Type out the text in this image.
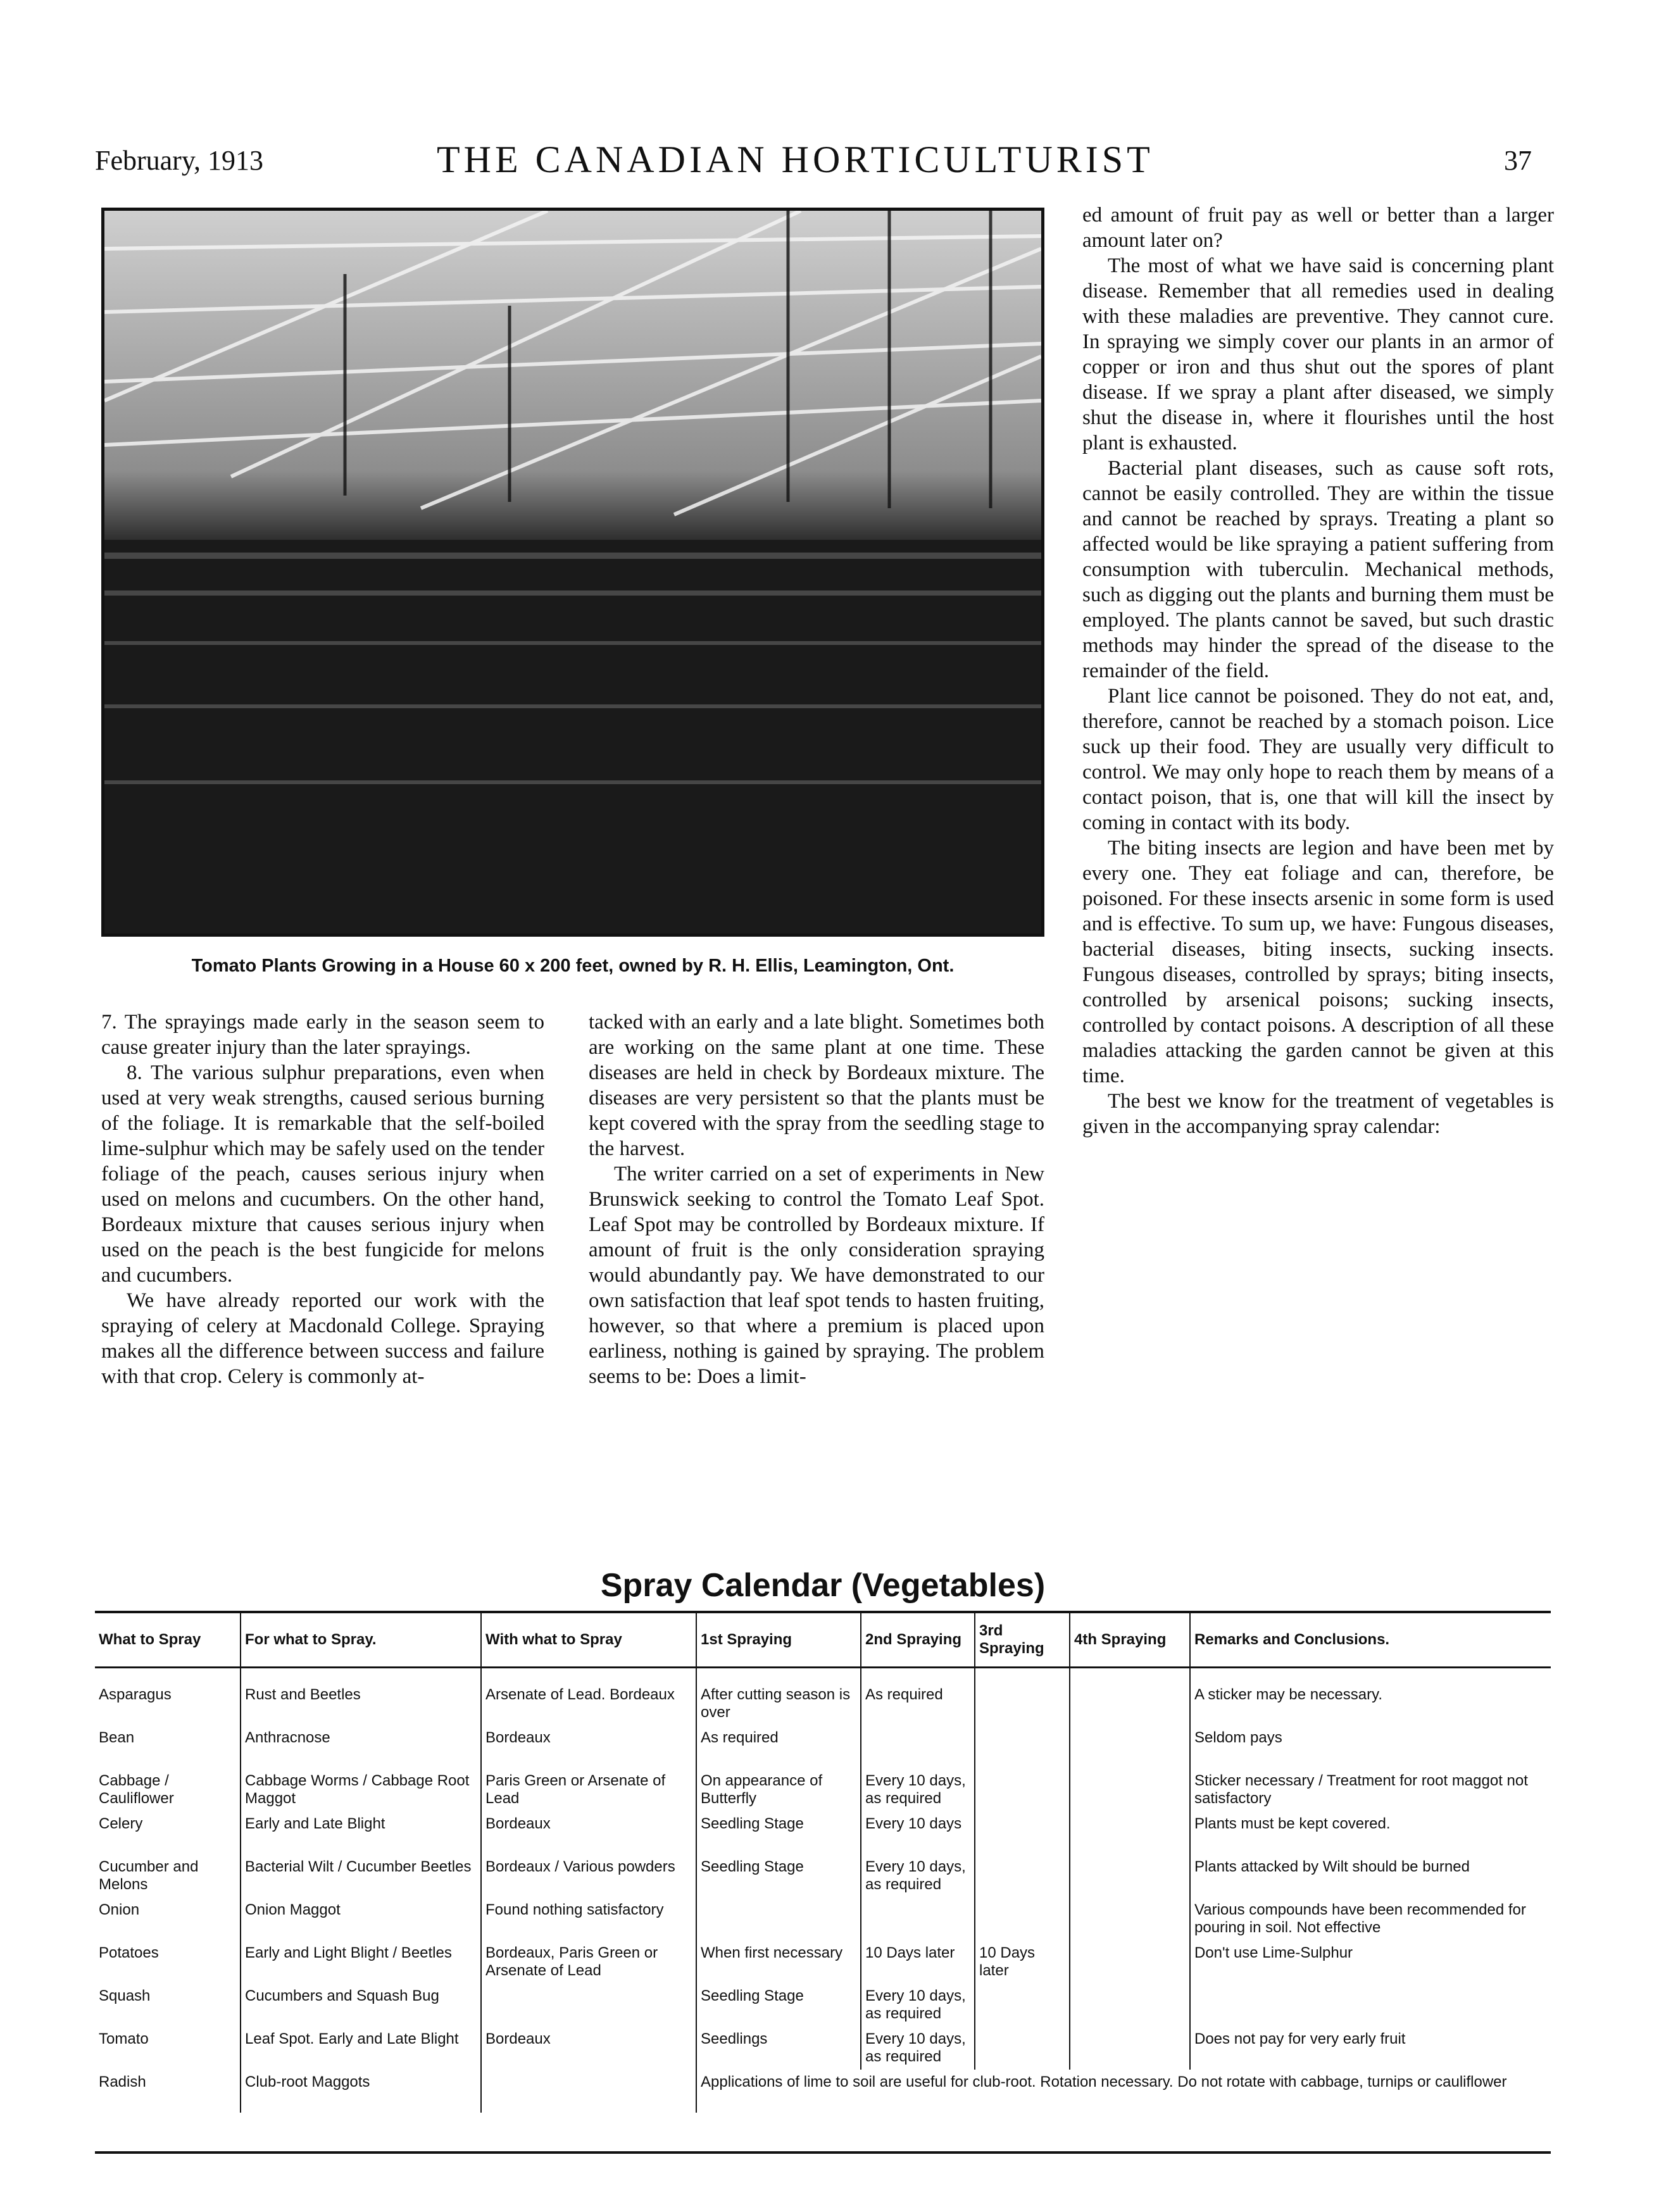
February, 1913	THE CANADIAN HORTICULTURIST	37
Tomato Plants Growing in a House 60 x 200 feet, owned by R. H. Ellis, Leamington, Ont.

7. The sprayings made early in the season seem to cause greater injury than the later sprayings.

8. The various sulphur preparations, even when used at very weak strengths, caused serious burning of the foliage. It is remarkable that the self-boiled lime-sulphur which may be safely used on the tender foliage of the peach, causes serious injury when used on melons and cucumbers. On the other hand, Bordeaux mixture that causes serious injury when used on the peach is the best fungicide for melons and cucumbers.

We have already reported our work with the spraying of celery at Macdonald College. Spraying makes all the difference between success and failure with that crop. Celery is commonly at-

tacked with an early and a late blight. Sometimes both are working on the same plant at one time. These diseases are held in check by Bordeaux mixture. The diseases are very persistent so that the plants must be kept covered with the spray from the seedling stage to the harvest.

The writer carried on a set of experiments in New Brunswick seeking to control the Tomato Leaf Spot. Leaf Spot may be controlled by Bordeaux mixture. If amount of fruit is the only consideration spraying would abundantly pay. We have demonstrated to our own satisfaction that leaf spot tends to hasten fruiting, however, so that where a premium is placed upon earliness, nothing is gained by spraying. The problem seems to be: Does a limit-

ed amount of fruit pay as well or better than a larger amount later on?

The most of what we have said is concerning plant disease. Remember that all remedies used in dealing with these maladies are preventive. They cannot cure. In spraying we simply cover our plants in an armor of copper or iron and thus shut out the spores of plant disease. If we spray a plant after diseased, we simply shut the disease in, where it flourishes until the host plant is exhausted.

Bacterial plant diseases, such as cause soft rots, cannot be easily controlled. They are within the tissue and cannot be reached by sprays. Treating a plant so affected would be like spraying a patient suffering from consumption with tuberculin. Mechanical methods, such as digging out the plants and burning them must be employed. The plants cannot be saved, but such drastic methods may hinder the spread of the disease to the remainder of the field.

Plant lice cannot be poisoned. They do not eat, and, therefore, cannot be reached by a stomach poison. Lice suck up their food. They are usually very difficult to control. We may only hope to reach them by means of a contact poison, that is, one that will kill the insect by coming in contact with its body.

The biting insects are legion and have been met by every one. They eat foliage and can, therefore, be poisoned. For these insects arsenic in some form is used and is effective. To sum up, we have: Fungous diseases, bacterial diseases, biting insects, sucking insects. Fungous diseases, controlled by sprays; biting insects, controlled by arsenical poisons; sucking insects, controlled by contact poisons. A description of all these maladies attacking the garden cannot be given at this time.

The best we know for the treatment of vegetables is given in the accompanying spray calendar:

Spray Calendar (Vegetables)
What to Spray	For what to Spray.	With what to Spray	1st Spraying	2nd Spraying	3rd Spraying	4th Spraying	Remarks and Conclusions.
Asparagus	Rust and Beetles	Arsenate of Lead. Bordeaux	After cutting season is over	As required			A sticker may be necessary.
Bean	Anthracnose	Bordeaux	As required				Seldom pays
Cabbage / Cauliflower	Cabbage Worms / Cabbage Root Maggot	Paris Green or Arsenate of Lead	On appearance of Butterfly	Every 10 days, as required			Sticker necessary / Treatment for root maggot not satisfactory
Celery	Early and Late Blight	Bordeaux	Seedling Stage	Every 10 days			Plants must be kept covered.
Cucumber and Melons	Bacterial Wilt / Cucumber Beetles	Bordeaux / Various powders	Seedling Stage	Every 10 days, as required			Plants attacked by Wilt should be burned
Onion	Onion Maggot	Found nothing satisfactory					Various compounds have been recommended for pouring in soil. Not effective
Potatoes	Early and Light Blight / Beetles	Bordeaux, Paris Green or Arsenate of Lead	When first necessary	10 Days later	10 Days later		Don't use Lime-Sulphur
Squash	Cucumbers and Squash Bug		Seedling Stage	Every 10 days, as required			
Tomato	Leaf Spot. Early and Late Blight	Bordeaux	Seedlings	Every 10 days, as required			Does not pay for very early fruit
Radish	Club-root Maggots		Applications of lime to soil are useful for club-root. Rotation necessary. Do not rotate with cabbage, turnips or cauliflower				
